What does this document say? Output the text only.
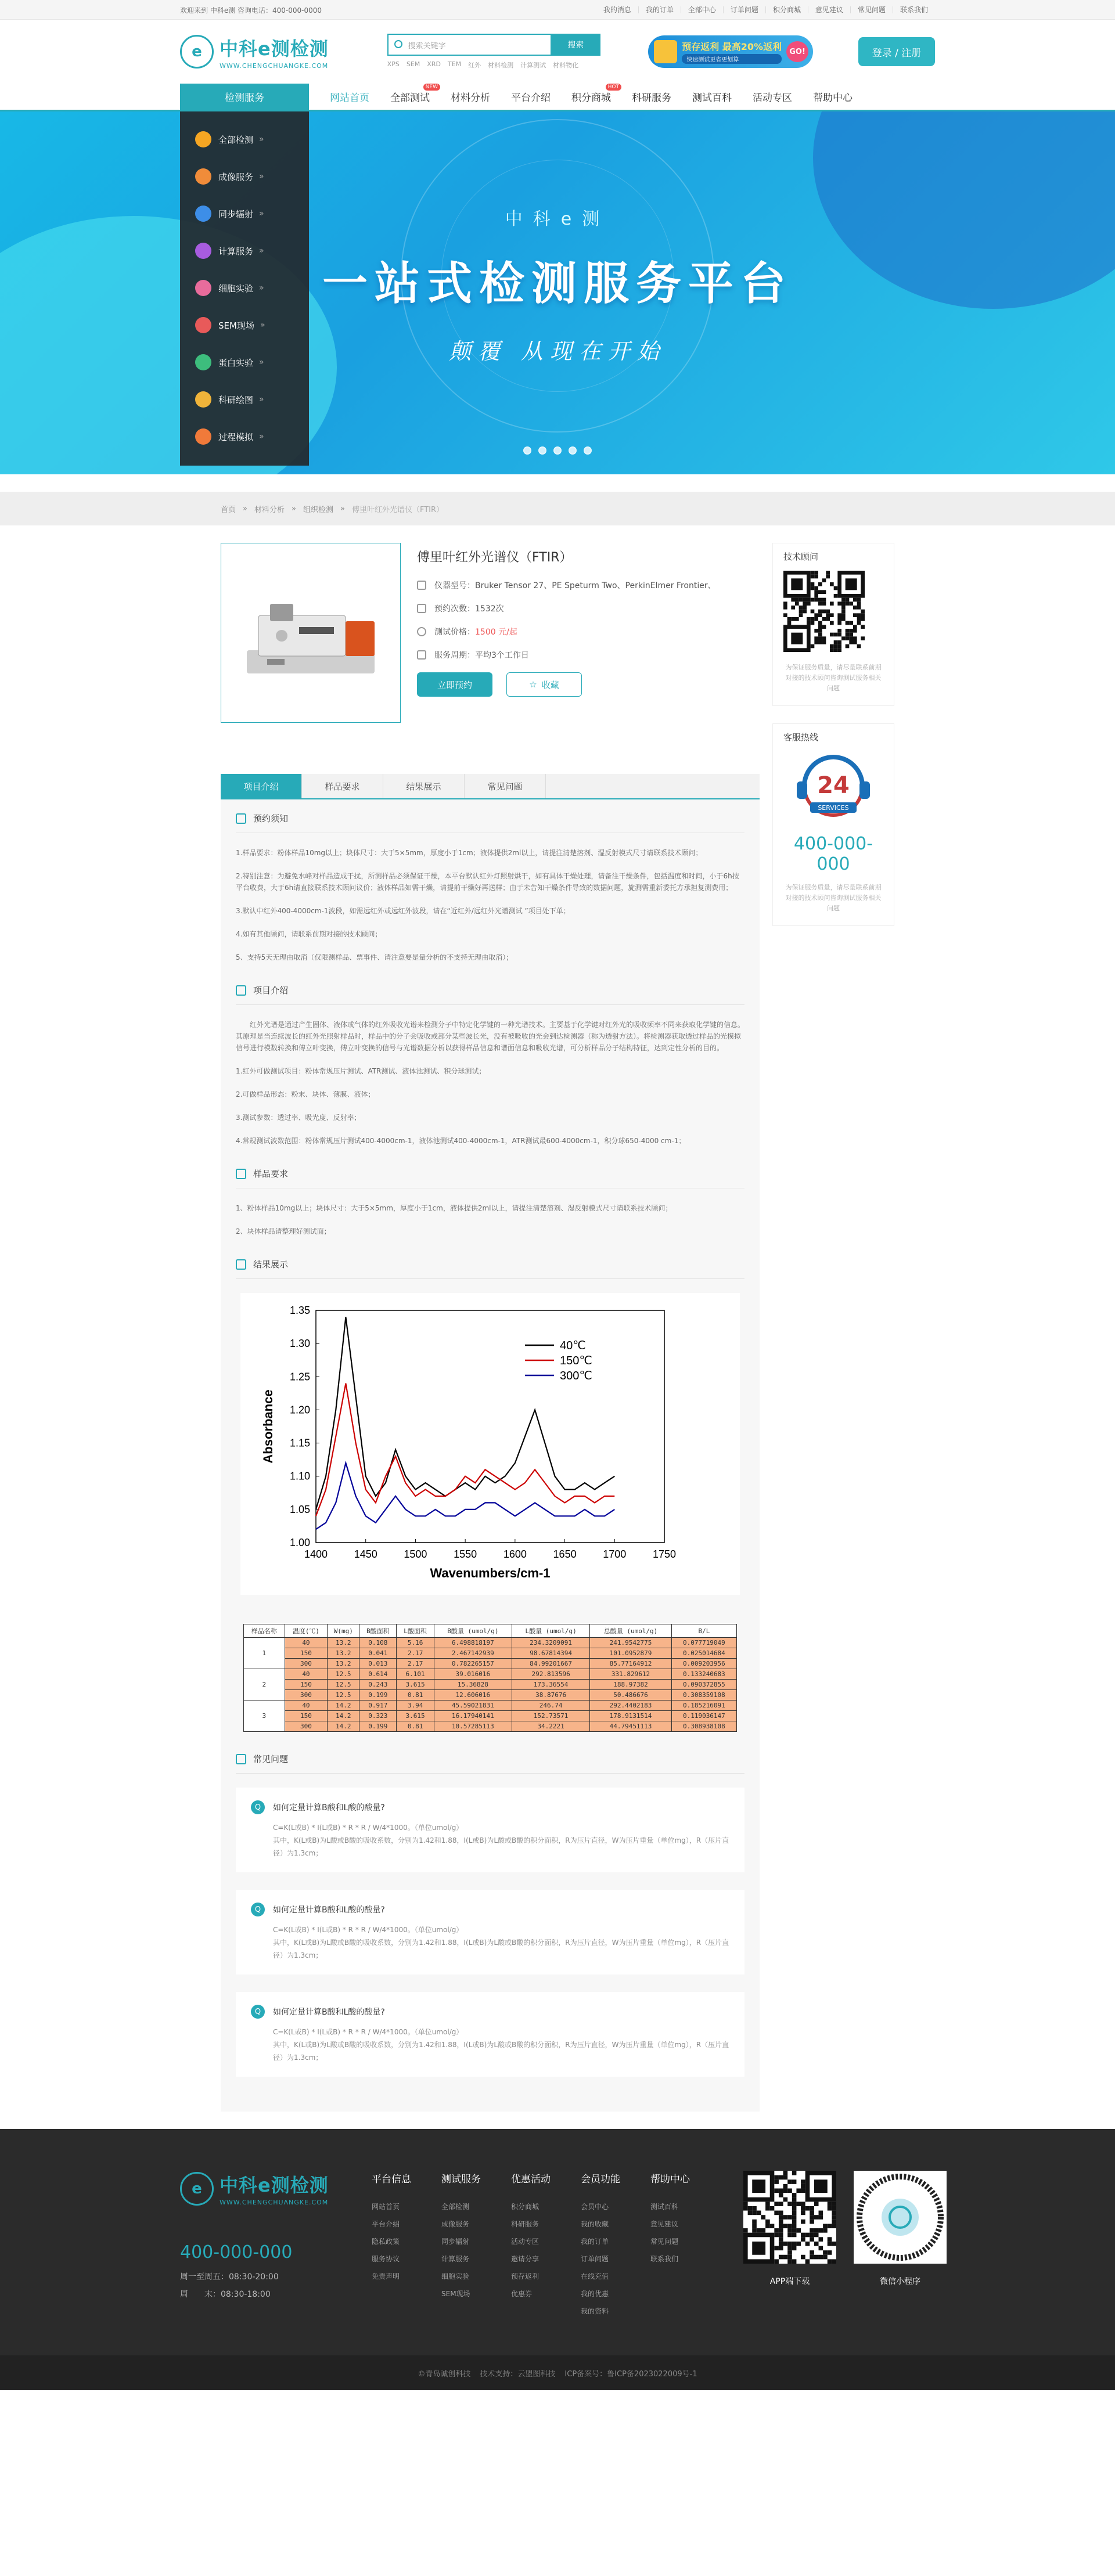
欢迎来到 中科e测 咨询电话：400-000-0000	我的消息	我的订单	全部中心	订单问题	积分商城	意见建议	常见问题	联系我们
e 中科e测检测
WWW.CHENGCHUANGKE.COM
搜索关键字	搜索
XPS SEM XRD TEM 红外 材料检测 计算测试 材料物化
预存返利 最高20%返利
快速测试更省更划算
GO!	登录 / 注册
检测服务	网站首页 全部测试
NEW
材料分析 平台介绍 积分商城
HOT
科研服务 测试百科 活动专区 帮助中心
中科e测
一站式检测服务平台
颠覆 从现在开始
全部检测 »
成像服务 »
同步辐射 »
计算服务 »
细胞实验 »
SEM现场 »
蛋白实验 »
科研绘图 »
过程模拟 »
首页 » 材料分析 » 组织检测 » 傅里叶红外光谱仪（FTIR）
傅里叶红外光谱仪（FTIR）
仪器型号： Bruker Tensor 27、PE Speturm Two、PerkinElmer Frontier、
预约次数： 1532次
测试价格： 1500 元/起
服务周期： 平均3个工作日
立即预约	☆ 收藏
项目介绍	样品要求	结果展示	常见问题
预约须知
1.样品要求：粉体样品10mg以上；块体尺寸：大于5×5mm，厚度小于1cm；液体提供2ml以上，请提注清楚溶剂、湿反射模式尺寸请联系技术顾问；
2.特别注意：为避免水峰对样品造成干扰，所测样品必须保证干燥，本平台默认红外灯照射烘干，如有具体干燥处理，请备注干燥条件，包括温度和时间，小于6h按平台收费，大于6h请直接联系技术顾问议价；液体样品如需干燥，请提前干燥好再送样；由于未告知干燥条件导致的数据问题，旋测需重新委托方承担复测费用；
3.默认中红外400-4000cm-1波段，如需远红外或远红外波段，请在“近红外/远红外光谱测试 ”项目处下单；
4.如有其他顾问，请联系前期对接的技术顾问；
5、支持5天无理由取消（仅限测样品、票事件、请注意要是量分析的不支持无理由取消）；
项目介绍
红外光谱是通过产生固体、液体或气体的红外吸收光谱来检测分子中特定化学键的一种光谱技术。主要基于化学键对红外光的吸收频率不同来获取化学键的信息。其原理是当连续波长的红外光照射样品时，样品中的分子会吸收或部分某些波长光，没有被吸收的光会到达检测器（称为透射方法）。将检测器获取透过样品的光模拟信号进行模数转换和傅立叶变换，傅立叶变换的信号与光谱数据分析以获得样品信息和谱面信息和吸收光谱，可分析样品分子结构特征，达到定性分析的目的。
1.红外可做测试项目：粉体常规压片测试、ATR测试、液体池测试、积分球测试；
2.可做样品形态：粉末、块体、薄膜、液体；
3.测试参数：透过率、吸光度、反射率；
4.常规测试波数范围：粉体常规压片测试400-4000cm-1，液体池测试400-4000cm-1，ATR测试最600-4000cm-1，积分球650-4000 cm-1；
样品要求
1、粉体样品10mg以上；块体尺寸：大于5×5mm，厚度小于1cm，液体提供2ml以上，请提注清楚溶剂、湿反射模式尺寸请联系技术顾问；
2、块体样品请整理好测试面；
结果展示
1400	1450	1500	1550	1600	1650	1700	1750
1.00
1.05
1.10
1.15
1.20
1.25
1.30
1.35
Wavenumbers/cm-1
Absorbance
40℃
150℃
300℃
样品名称	温度(℃)	W(mg)	B酸面积	L酸面积	B酸量 (umol/g)	L酸量 (umol/g)	总酸量 (umol/g)	B/L
1	40	13.2	0.108	5.16	6.498818197	234.3209091	241.9542775	0.077719049
	150	13.2	0.041	2.17	2.467142939	98.67814394	101.0952879	0.025014684
	300	13.2	0.013	2.17	0.782265157	84.99201667	85.77164912	0.009203956
2	40	12.5	0.614	6.101	39.016016	292.813596	331.829612	0.133240683
	150	12.5	0.243	3.615	15.36828	173.36554	188.97382	0.090372855
	300	12.5	0.199	0.81	12.606016	38.87676	50.486676	0.308359108
3	40	14.2	0.917	3.94	45.59021831	246.74	292.4402183	0.185216091
	150	14.2	0.323	3.615	16.17940141	152.73571	178.9131514	0.119036147
	300	14.2	0.199	0.81	10.57285113	34.2221	44.79451113	0.308938108
常见问题
Q	如何定量计算B酸和L酸的酸量?
C=K(L或B) * I(L或B) * R * R / W/4*1000。（单位umol/g）
其中，K(L或B)为L酸或B酸的吸收系数，分别为1.42和1.88，I(L或B)为L酸或B酸的积分面积，R为压片直径，W为压片重量（单位mg），R（压片直径）为1.3cm；
Q	如何定量计算B酸和L酸的酸量?
C=K(L或B) * I(L或B) * R * R / W/4*1000。（单位umol/g）
其中，K(L或B)为L酸或B酸的吸收系数，分别为1.42和1.88，I(L或B)为L酸或B酸的积分面积，R为压片直径，W为压片重量（单位mg），R（压片直径）为1.3cm；
Q	如何定量计算B酸和L酸的酸量?
C=K(L或B) * I(L或B) * R * R / W/4*1000。（单位umol/g）
其中，K(L或B)为L酸或B酸的吸收系数，分别为1.42和1.88，I(L或B)为L酸或B酸的积分面积，R为压片直径，W为压片重量（单位mg），R（压片直径）为1.3cm；
技术顾问
为保证服务质量，请尽量联系前期对接的技术顾问咨询测试服务相关问题
客服热线
24
SERVICES
400-000-000
为保证服务质量，请尽量联系前期对接的技术顾问咨询测试服务相关问题
e 中科e测检测
WWW.CHENGCHUANGKE.COM
400-000-000
周一至周五：08:30-20:00
周　　末：08:30-18:00
平台信息
网站首页
平台介绍
隐私政策
服务协议
免责声明
测试服务
全部检测
成像服务
同步辐射
计算服务
细胞实验
SEM现场
优惠活动
积分商城
科研服务
活动专区
邀请分享
预存返利
优惠券
会员功能
会员中心
我的收藏
我的订单
订单问题
在线充值
我的优惠
我的资料
帮助中心
测试百科
意见建议
常见问题
联系我们
APP端下载	微信小程序
©青岛诚创科技 技术支持：云盟图科技 ICP备案号：鲁ICP备2023022009号-1
